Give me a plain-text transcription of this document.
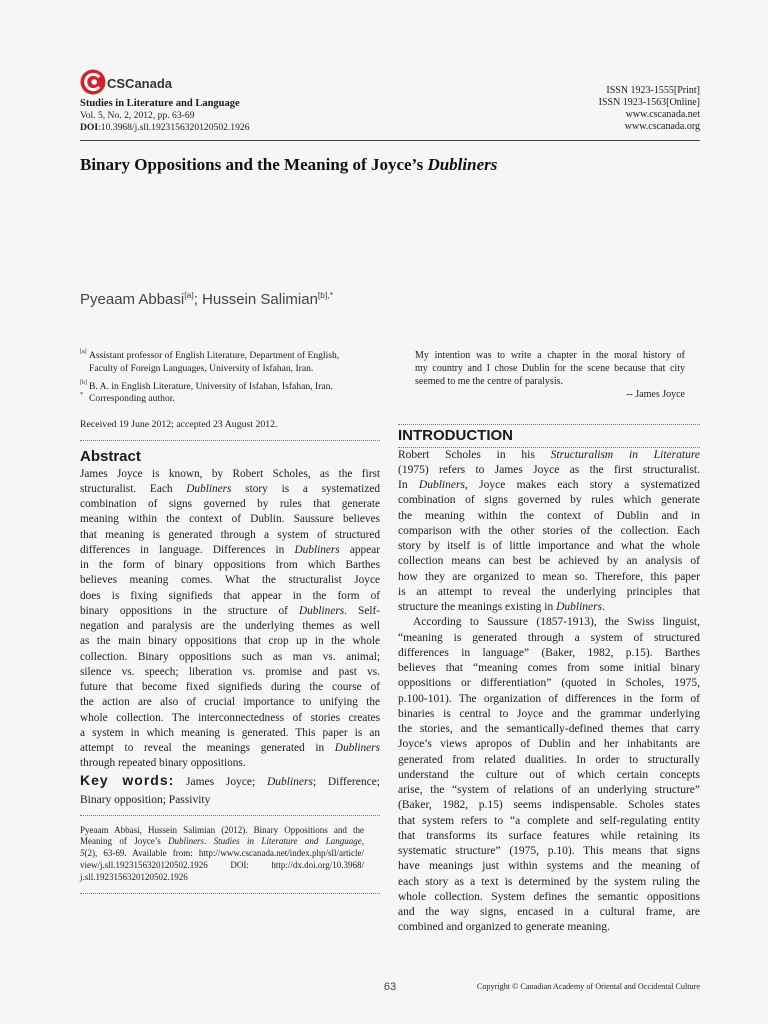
CSCanada
Studies in Literature and Language
Vol. 5, No. 2, 2012, pp. 63-69
DOI:10.3968/j.sll.1923156320120502.1926
ISSN 1923-1555[Print]
ISSN 1923-1563[Online]
www.cscanada.net
www.cscanada.org
Binary Oppositions and the Meaning of Joyce’s Dubliners
Pyeaam Abbasi[a]; Hussein Salimian$^{[b],*}$
[a] Assistant professor of English Literature, Department of English,
Faculty of Foreign Languages, University of Isfahan, Iran.
[b] B. A. in English Literature, University of Isfahan, Isfahan, Iran.
* Corresponding author.
Received 19 June 2012; accepted 23 August 2012.
Abstract
James Joyce is known, by Robert Scholes, as the first
structuralist. Each Dubliners story is a systematized
combination of signs governed by rules that generate
meaning within the context of Dublin. Saussure believes
that meaning is generated through a system of structured
differences in language. Differences in Dubliners appear
in the form of binary oppositions from which Barthes
believes meaning comes. What the structuralist Joyce
does is fixing signifieds that appear in the form of
binary oppositions in the structure of Dubliners. Self-
negation and paralysis are the underlying themes as well
as the main binary oppositions that crop up in the whole
collection. Binary oppositions such as man vs. animal;
silence vs. speech; liberation vs. promise and past vs.
future that become fixed signifieds during the course of
the action are also of crucial importance to unifying the
whole collection. The interconnectedness of stories creates
a system in which meaning is generated. This paper is an
attempt to reveal the meanings generated in Dubliners
through repeated binary oppositions.
Key words: James Joyce; Dubliners; Difference;
Binary opposition; Passivity
Pyeaam Abbasi, Hussein Salimian (2012). Binary Oppositions and the
Meaning of Joyce’s Dubliners. Studies in Literature and Language,
5(2), 63-69. Available from: http://www.cscanada.net/index.php/sll/article/
view/j.sll.1923156320120502.1926 DOI: http://dx.doi.org/10.3968/
j.sll.1923156320120502.1926
My intention was to write a chapter in the moral history of
my country and I chose Dublin for the scene because that city
seemed to me the centre of paralysis.
-- James Joyce
INTRODUCTION
Robert Scholes in his Structuralism in Literature
(1975) refers to James Joyce as the first structuralist.
In Dubliners, Joyce makes each story a systematized
combination of signs governed by rules which generate
the meaning within the context of Dublin and in
comparison with the other stories of the collection. Each
story by itself is of little importance and what the whole
collection means can best be achieved by an analysis of
how they are organized to mean so. Therefore, this paper
is an attempt to reveal the underlying principles that
structure the meanings existing in Dubliners.
According to Saussure (1857-1913), the Swiss linguist,
“meaning is generated through a system of structured
differences in language” (Baker, 1982, p.15). Barthes
believes that “meaning comes from some initial binary
oppositions or differentiation” (quoted in Scholes, 1975,
p.100-101). The organization of differences in the form of
binaries is central to Joyce and the grammar underlying
the stories, and the semantically-defined themes that carry
Joyce’s views apropos of Dublin and her inhabitants are
generated from related dualities. In order to structurally
understand the culture out of which certain concepts
arise, the “system of relations of an underlying structure”
(Baker, 1982, p.15) seems indispensable. Scholes states
that system refers to “a complete and self-regulating entity
that transforms its surface features while retaining its
systematic structure” (1975, p.10). This means that signs
have meanings just within systems and the meaning of
each story as a text is determined by the system ruling the
whole collection. System defines the semantic oppositions
and the way signs, encased in a cultural frame, are
combined and organized to generate meaning.
63	Copyright © Canadian Academy of Oriental and Occidental Culture
